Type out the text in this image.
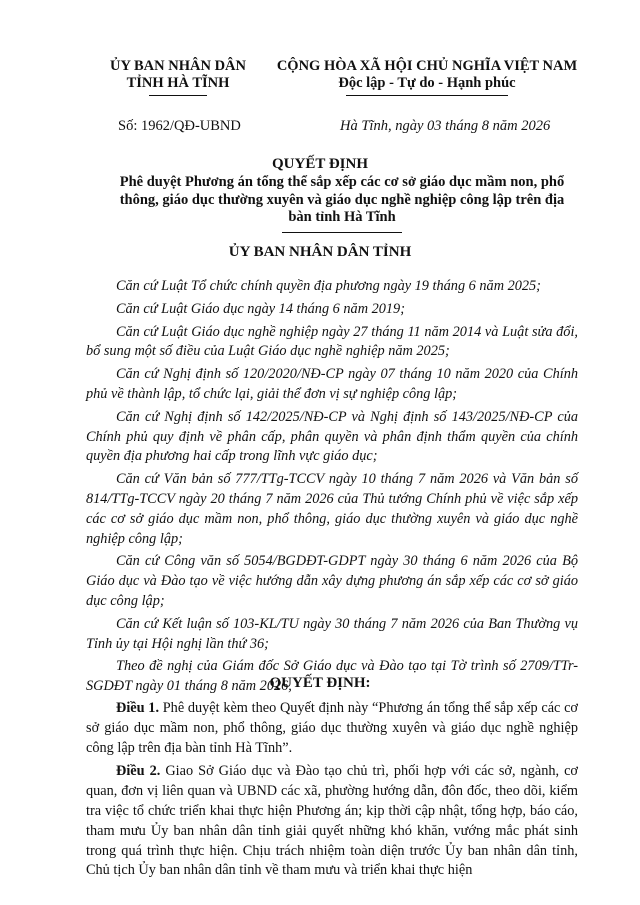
ỦY BAN NHÂN DÂN
TỈNH HÀ TĨNH
CỘNG HÒA XÃ HỘI CHỦ NGHĨA VIỆT NAM
Độc lập - Tự do - Hạnh phúc
Số: 1962/QĐ-UBND	Hà Tĩnh, ngày 03 tháng 8 năm 2026
QUYẾT ĐỊNH
Phê duyệt Phương án tổng thể sắp xếp các cơ sở giáo dục mầm non, phổ thông, giáo dục thường xuyên và giáo dục nghề nghiệp công lập trên địa bàn tỉnh Hà Tĩnh
ỦY BAN NHÂN DÂN TỈNH

Căn cứ Luật Tổ chức chính quyền địa phương ngày 19 tháng 6 năm 2025;

Căn cứ Luật Giáo dục ngày 14 tháng 6 năm 2019;

Căn cứ Luật Giáo dục nghề nghiệp ngày 27 tháng 11 năm 2014 và Luật sửa đổi, bổ sung một số điều của Luật Giáo dục nghề nghiệp năm 2025;

Căn cứ Nghị định số 120/2020/NĐ-CP ngày 07 tháng 10 năm 2020 của Chính phủ về thành lập, tổ chức lại, giải thể đơn vị sự nghiệp công lập;

Căn cứ Nghị định số 142/2025/NĐ-CP và Nghị định số 143/2025/NĐ-CP của Chính phủ quy định về phân cấp, phân quyền và phân định thẩm quyền của chính quyền địa phương hai cấp trong lĩnh vực giáo dục;

Căn cứ Văn bản số 777/TTg-TCCV ngày 10 tháng 7 năm 2026 và Văn bản số 814/TTg-TCCV ngày 20 tháng 7 năm 2026 của Thủ tướng Chính phủ về việc sắp xếp các cơ sở giáo dục mầm non, phổ thông, giáo dục thường xuyên và giáo dục nghề nghiệp công lập;

Căn cứ Công văn số 5054/BGDĐT-GDPT ngày 30 tháng 6 năm 2026 của Bộ Giáo dục và Đào tạo về việc hướng dẫn xây dựng phương án sắp xếp các cơ sở giáo dục công lập;

Căn cứ Kết luận số 103-KL/TU ngày 30 tháng 7 năm 2026 của Ban Thường vụ Tỉnh ủy tại Hội nghị lần thứ 36;

Theo đề nghị của Giám đốc Sở Giáo dục và Đào tạo tại Tờ trình số 2709/TTr-SGDĐT ngày 01 tháng 8 năm 2026,

QUYẾT ĐỊNH:

Điều 1. Phê duyệt kèm theo Quyết định này “Phương án tổng thể sắp xếp các cơ sở giáo dục mầm non, phổ thông, giáo dục thường xuyên và giáo dục nghề nghiệp công lập trên địa bàn tỉnh Hà Tĩnh”.

Điều 2. Giao Sở Giáo dục và Đào tạo chủ trì, phối hợp với các sở, ngành, cơ quan, đơn vị liên quan và UBND các xã, phường hướng dẫn, đôn đốc, theo dõi, kiểm tra việc tổ chức triển khai thực hiện Phương án; kịp thời cập nhật, tổng hợp, báo cáo, tham mưu Ủy ban nhân dân tỉnh giải quyết những khó khăn, vướng mắc phát sinh trong quá trình thực hiện. Chịu trách nhiệm toàn diện trước Ủy ban nhân dân tỉnh, Chủ tịch Ủy ban nhân dân tỉnh về tham mưu và triển khai thực hiện
